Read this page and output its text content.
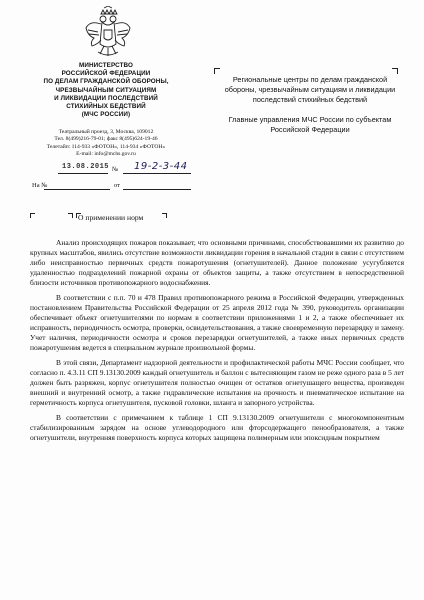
МИНИСТЕРСТВО
РОССИЙСКОЙ ФЕДЕРАЦИИ
ПО ДЕЛАМ ГРАЖДАНСКОЙ ОБОРОНЫ,
ЧРЕЗВЫЧАЙНЫМ СИТУАЦИЯМ
И ЛИКВИДАЦИИ ПОСЛЕДСТВИЙ
СТИХИЙНЫХ БЕДСТВИЙ
(МЧС РОССИИ)
Театральный проезд, 3, Москва, 109012
Тел. 8(499)216-79-01; факс 8(495)624-19-46
Телетайп: 114-933 «ФОТОН», 114-934 «ФОТОН»
E-mail: info@mchs.gov.ru
13.08.2015 № 19-2-3-44
На №	от

Региональные центры по делам гражданской обороны, чрезвычайным ситуациям и ликвидации последствий стихийных бедствий

Главные управления МЧС России по субъектам Российской Федерации

О применении норм

Анализ происходящих пожаров показывает, что основными причинами, способствовавшими их развитию до крупных масштабов, явились отсутствие возможности ликвидации горения в начальной стадии в связи с отсутствием либо неисправностью первичных средств пожаротушения (огнетушителей). Данное положение усугубляется удаленностью подразделений пожарной охраны от объектов защиты, а также отсутствием в непосредственной близости источников противопожарного водоснабжения.

В соответствии с п.п. 70 и 478 Правил противопожарного режима в Российской Федерации, утвержденных постановлением Правительства Российской Федерации от 25 апреля 2012 года № 390, руководитель организации обеспечивает объект огнетушителями по нормам в соответствии приложениями 1 и 2, а также обеспечивает их исправность, периодичность осмотра, проверки, освидетельствования, а также своевременную перезарядку и замену. Учет наличия, периодичности осмотра и сроков перезарядки огнетушителей, а также иных первичных средств пожаротушения ведется в специальном журнале произвольной формы.

В этой связи, Департамент надзорной деятельности и профилактической работы МЧС России сообщает, что согласно п. 4.3.11 СП 9.13130.2009 каждый огнетушитель и баллон с вытесняющим газом не реже одного раза в 5 лет должен быть разряжен, корпус огнетушителя полностью очищен от остатков огнетушащего вещества, произведен внешний и внутренний осмотр, а также гидравлические испытания на прочность и пневматическое испытание на герметичность корпуса огнетушителя, пусковой головки, шланга и запорного устройства.

В соответствии с примечанием к таблице 1 СП 9.13130.2009 огнетушители с многокомпонентным стабилизированным зарядом на основе углеводородного или фторсодержащего пенообразователя, а также огнетушители, внутренняя поверхность корпуса которых защищена полимерным или эпоксидным покрытием
